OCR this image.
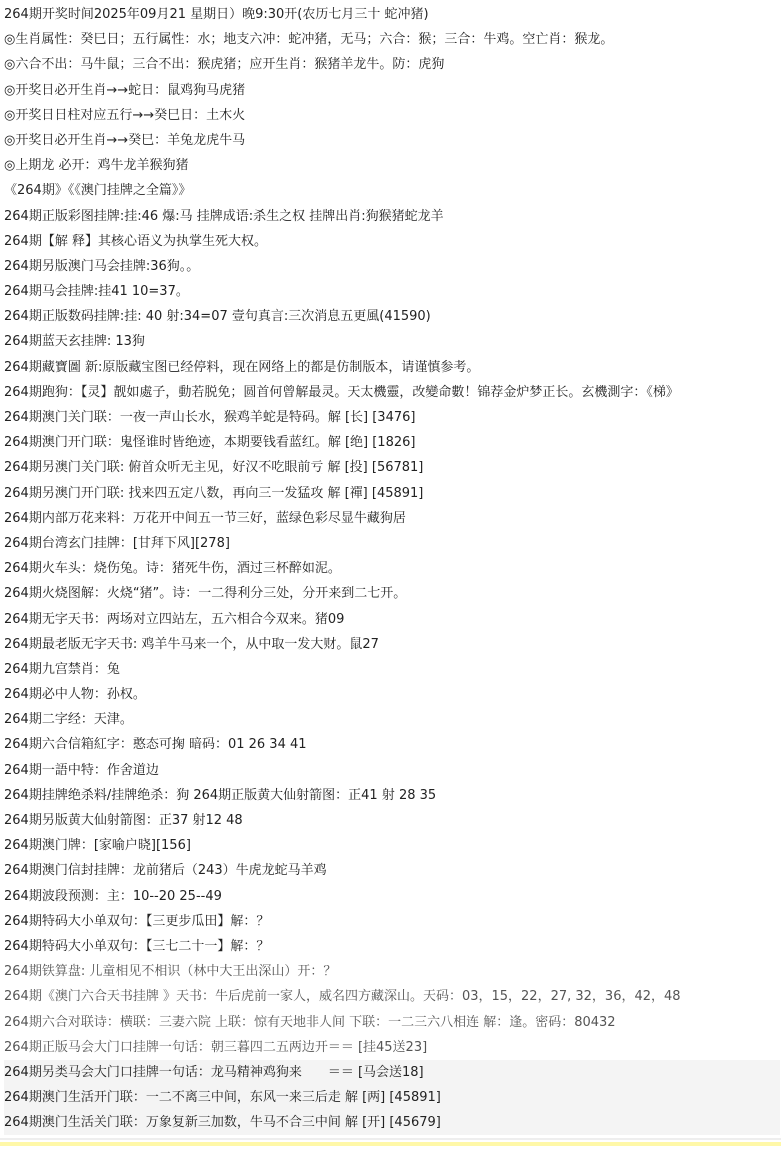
264期开奖时间2025年09月21 星期日）晚9:30开(农历七月三十 蛇冲猪)
◎生肖属性：癸巳日；五行属性：水；地支六冲：蛇冲猪，无马；六合：猴；三合：牛鸡。空亡肖：猴龙。
◎六合不出：马牛鼠；三合不出：猴虎猪；应开生肖：猴猪羊龙牛。防：虎狗
◎开奖日必开生肖→→蛇日：鼠鸡狗马虎猪
◎开奖日日柱对应五行→→癸巳日：土木火
◎开奖日必开生肖→→癸巳：羊兔龙虎牛马
◎上期龙 必开：鸡牛龙羊猴狗猪
《264期》《《澳门挂牌之全篇》》
264期正版彩图挂牌:挂:46 爆:马 挂牌成语:杀生之权 挂牌出肖:狗猴猪蛇龙羊
264期【解 释】其核心语义为执掌生死大权。
264期另版澳门马会挂牌:36狗。。
264期马会挂牌:挂41 10=37。
264期正版数码挂牌:挂: 40 射:34=07 壹句真言:三次消息五更風(41590)
264期蓝天玄挂牌: 13狗
264期藏寶圖 新:原版藏宝图已经停料，现在网络上的都是仿制版本，请谨慎参考。
264期跑狗：【灵】靓如處子，動若脱免；圆首何曾解最灵。天太機靈，改變命數！锦荐金炉梦正长。玄機測字：《梯》
264期澳门关门联：一夜一声山长水，猴鸡羊蛇是特码。解 [长] [3476]
264期澳门开门联：鬼怪谁时皆绝迹，本期要钱看蓝红。解 [绝] [1826]
264期另澳门关门联: 俯首众听无主见，好汉不吃眼前亏 解 [投] [56781]
264期另澳门开门联: 找来四五定八数，再向三一发猛攻 解 [禪] [45891]
264期内部万花来料：万花开中间五一节三好，蓝绿色彩尽显牛藏狗居
264期台湾玄门挂牌：[甘拜下风][278]
264期火车头：烧伤兔。诗：猪死牛伤，酒过三杯醉如泥。
264期火烧图解：火烧“猪”。诗：一二得利分三处，分开来到二七开。
264期无字天书：两场对立四站左，五六相合今双来。猪09
264期最老版无字天书: 鸡羊牛马来一个，从中取一发大财。鼠27
264期九宫禁肖：兔
264期必中人物：孙权。
264期二字经：天津。
264期六合信箱紅字：憨态可掬 暗码：01 26 34 41
264期一語中特：作舍道边
264期挂牌绝杀料/挂牌绝杀：狗 264期正版黄大仙射箭图：正41 射 28 35
264期另版黄大仙射箭图：正37 射12 48
264期澳门牌：[家喻户晓][156]
264期澳门信封挂牌：龙前猪后（243）牛虎龙蛇马羊鸡
264期波段预测：主：10--20 25--49
264期特码大小单双句：【三更步瓜田】解：？
264期特码大小单双句：【三七二十一】解：？
264期铁算盘: 儿童相见不相识（林中大王出深山）开：？
264期《澳门六合天书挂牌 》天书：牛后虎前一家人，威名四方藏深山。天码：03，15，22，27, 32，36，42，48
264期六合对联诗：横联：三妻六院 上联：惊有天地非人间 下联：一二三六八相连 解：逢。密码：80432
264期正版马会大门口挂牌一句话：朝三暮四二五两边开＝＝ [挂45送23]
264期另类马会大门口挂牌一句话：龙马精神鸡狗来　　＝＝ [马会送18]
264期澳门生活开门联：一二不离三中间，东风一来三后走 解 [两] [45891]
264期澳门生活关门联：万象复新三加数，牛马不合三中间 解 [开] [45679]
